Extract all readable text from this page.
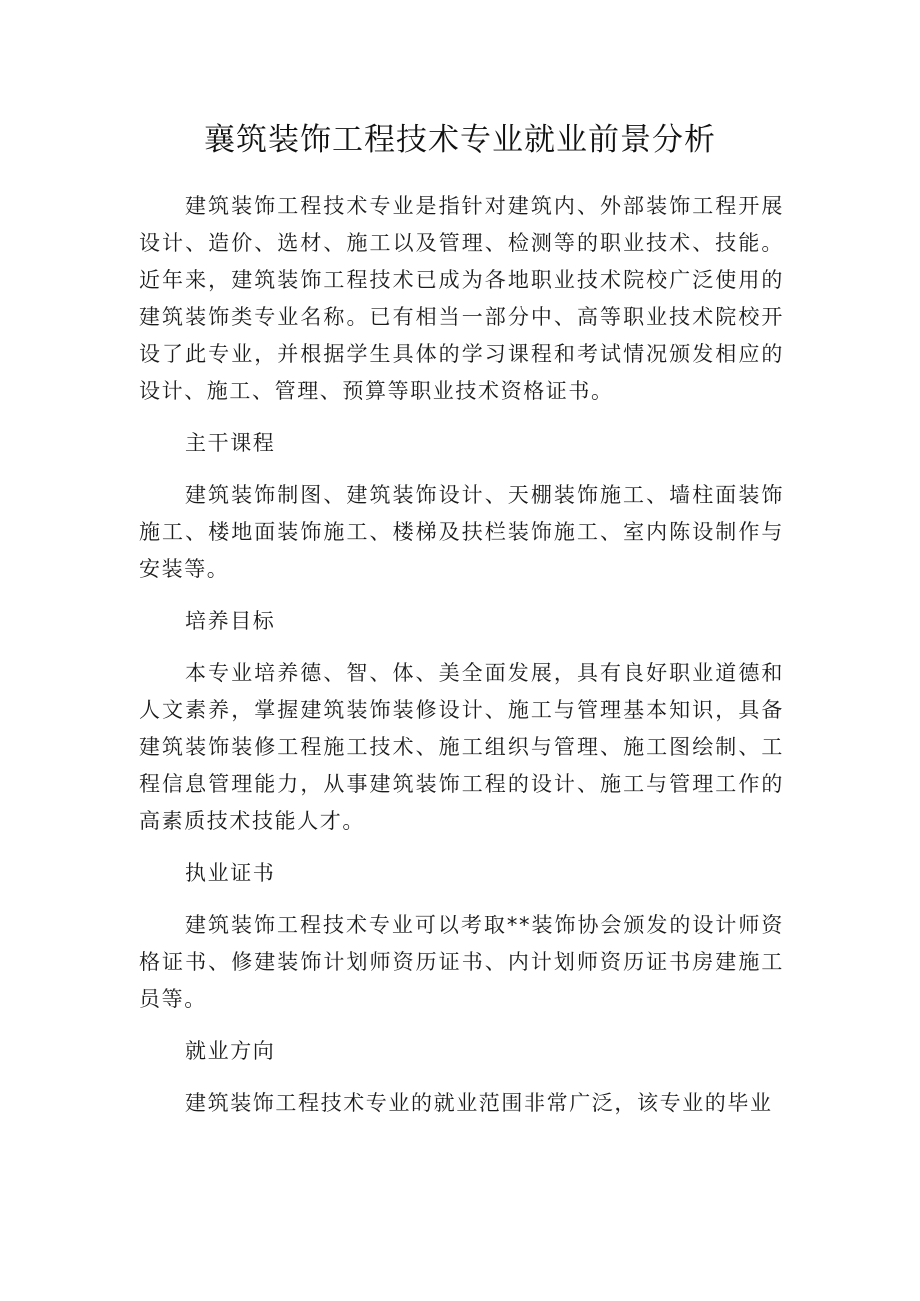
襄筑装饰工程技术专业就业前景分析

建筑装饰工程技术专业是指针对建筑内、外部装饰工程开展设计、造价、选材、施工以及管理、检测等的职业技术、技能。近年来，建筑装饰工程技术已成为各地职业技术院校广泛使用的建筑装饰类专业名称。已有相当一部分中、高等职业技术院校开设了此专业，并根据学生具体的学习课程和考试情况颁发相应的设计、施工、管理、预算等职业技术资格证书。

主干课程

建筑装饰制图、建筑装饰设计、天棚装饰施工、墙柱面装饰施工、楼地面装饰施工、楼梯及扶栏装饰施工、室内陈设制作与安装等。

培养目标

本专业培养德、智、体、美全面发展，具有良好职业道德和人文素养，掌握建筑装饰装修设计、施工与管理基本知识，具备建筑装饰装修工程施工技术、施工组织与管理、施工图绘制、工程信息管理能力，从事建筑装饰工程的设计、施工与管理工作的高素质技术技能人才。

执业证书

建筑装饰工程技术专业可以考取**装饰协会颁发的设计师资格证书、修建装饰计划师资历证书、内计划师资历证书房建施工员等。

就业方向

建筑装饰工程技术专业的就业范围非常广泛，该专业的毕业
